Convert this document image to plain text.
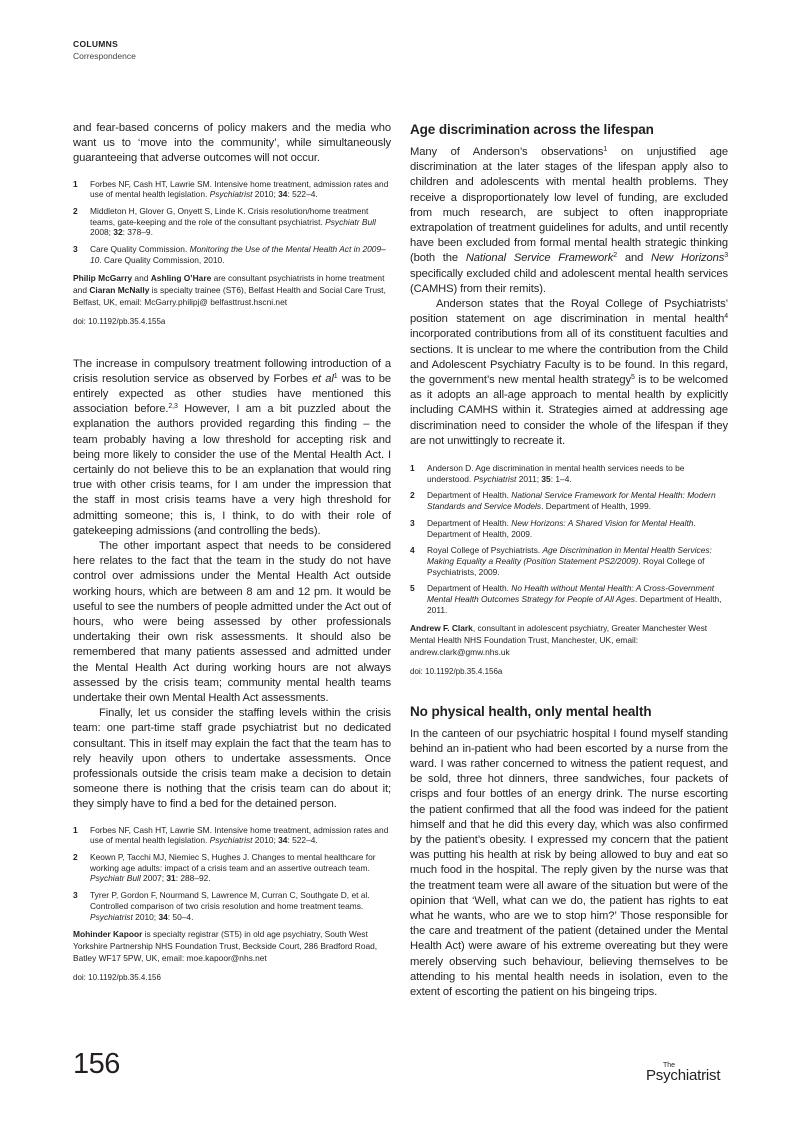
COLUMNS
Correspondence

and fear-based concerns of policy makers and the media who want us to ‘move into the community’, while simultaneously guaranteeing that adverse outcomes will not occur.

1 Forbes NF, Cash HT, Lawrie SM. Intensive home treatment, admission rates and use of mental health legislation. Psychiatrist 2010; 34: 522–4.
2 Middleton H, Glover G, Onyett S, Linde K. Crisis resolution/home treatment teams, gate-keeping and the role of the consultant psychiatrist. Psychiatr Bull 2008; 32: 378–9.
3 Care Quality Commission. Monitoring the Use of the Mental Health Act in 2009–10. Care Quality Commission, 2010.

Philip McGarry and Ashling O’Hare are consultant psychiatrists in home treatment and Ciaran McNally is specialty trainee (ST6), Belfast Health and Social Care Trust, Belfast, UK, email: McGarry.philipj@ belfasttrust.hscni.net

doi: 10.1192/pb.35.4.155a

The increase in compulsory treatment following introduction of a crisis resolution service as observed by Forbes et $al^1$ was to be entirely expected as other studies have mentioned this association before.$^{2,3}$ However, I am a bit puzzled about the explanation the authors provided regarding this finding – the team probably having a low threshold for accepting risk and being more likely to consider the use of the Mental Health Act. I certainly do not believe this to be an explanation that would ring true with other crisis teams, for I am under the impression that the staff in most crisis teams have a very high threshold for admitting someone; this is, I think, to do with their role of gatekeeping admissions (and controlling the beds).

The other important aspect that needs to be considered here relates to the fact that the team in the study do not have control over admissions under the Mental Health Act outside working hours, which are between 8 am and 12 pm. It would be useful to see the numbers of people admitted under the Act out of hours, who were being assessed by other professionals undertaking their own risk assessments. It should also be remembered that many patients assessed and admitted under the Mental Health Act during working hours are not always assessed by the crisis team; community mental health teams undertake their own Mental Health Act assessments.

Finally, let us consider the staffing levels within the crisis team: one part-time staff grade psychiatrist but no dedicated consultant. This in itself may explain the fact that the team has to rely heavily upon others to undertake assessments. Once professionals outside the crisis team make a decision to detain someone there is nothing that the crisis team can do about it; they simply have to find a bed for the detained person.

1 Forbes NF, Cash HT, Lawrie SM. Intensive home treatment, admission rates and use of mental health legislation. Psychiatrist 2010; 34: 522–4.
2 Keown P, Tacchi MJ, Niemiec S, Hughes J. Changes to mental healthcare for working age adults: impact of a crisis team and an assertive outreach team. Psychiatr Bull 2007; 31: 288–92.
3 Tyrer P, Gordon F, Nourmand S, Lawrence M, Curran C, Southgate D, et al. Controlled comparison of two crisis resolution and home treatment teams. Psychiatrist 2010; 34: 50–4.

Mohinder Kapoor is specialty registrar (ST5) in old age psychiatry, South West Yorkshire Partnership NHS Foundation Trust, Beckside Court, 286 Bradford Road, Batley WF17 5PW, UK, email: moe.kapoor@nhs.net

doi: 10.1192/pb.35.4.156
Age discrimination across the lifespan

Many of Anderson’s observations$^1$ on unjustified age discrimination at the later stages of the lifespan apply also to children and adolescents with mental health problems. They receive a disproportionately low level of funding, are excluded from much research, are subject to often inappropriate extrapolation of treatment guidelines for adults, and until recently have been excluded from formal mental health strategic thinking (both the National Service Framework$^2$ and New Horizons$^3$ specifically excluded child and adolescent mental health services (CAMHS) from their remits).

Anderson states that the Royal College of Psychiatrists’ position statement on age discrimination in mental health$^4$ incorporated contributions from all of its constituent faculties and sections. It is unclear to me where the contribution from the Child and Adolescent Psychiatry Faculty is to be found. In this regard, the government’s new mental health strategy$^5$ is to be welcomed as it adopts an all-age approach to mental health by explicitly including CAMHS within it. Strategies aimed at addressing age discrimination need to consider the whole of the lifespan if they are not unwittingly to recreate it.

1 Anderson D. Age discrimination in mental health services needs to be understood. Psychiatrist 2011; 35: 1–4.
2 Department of Health. National Service Framework for Mental Health: Modern Standards and Service Models. Department of Health, 1999.
3 Department of Health. New Horizons: A Shared Vision for Mental Health. Department of Health, 2009.
4 Royal College of Psychiatrists. Age Discrimination in Mental Health Services: Making Equality a Reality (Position Statement PS2/2009). Royal College of Psychiatrists, 2009.
5 Department of Health. No Health without Mental Health: A Cross-Government Mental Health Outcomes Strategy for People of All Ages. Department of Health, 2011.

Andrew F. Clark, consultant in adolescent psychiatry, Greater Manchester West Mental Health NHS Foundation Trust, Manchester, UK, email: andrew.clark@gmw.nhs.uk

doi: 10.1192/pb.35.4.156a
No physical health, only mental health

In the canteen of our psychiatric hospital I found myself standing behind an in-patient who had been escorted by a nurse from the ward. I was rather concerned to witness the patient request, and be sold, three hot dinners, three sandwiches, four packets of crisps and four bottles of an energy drink. The nurse escorting the patient confirmed that all the food was indeed for the patient himself and that he did this every day, which was also confirmed by the patient’s obesity. I expressed my concern that the patient was putting his health at risk by being allowed to buy and eat so much food in the hospital. The reply given by the nurse was that the treatment team were all aware of the situation but were of the opinion that ‘Well, what can we do, the patient has rights to eat what he wants, who are we to stop him?’ Those responsible for the care and treatment of the patient (detained under the Mental Health Act) were aware of his extreme overeating but they were merely observing such behaviour, believing themselves to be attending to his mental health needs in isolation, even to the extent of escorting the patient on his bingeing trips.

156	The
Psychiatrist
